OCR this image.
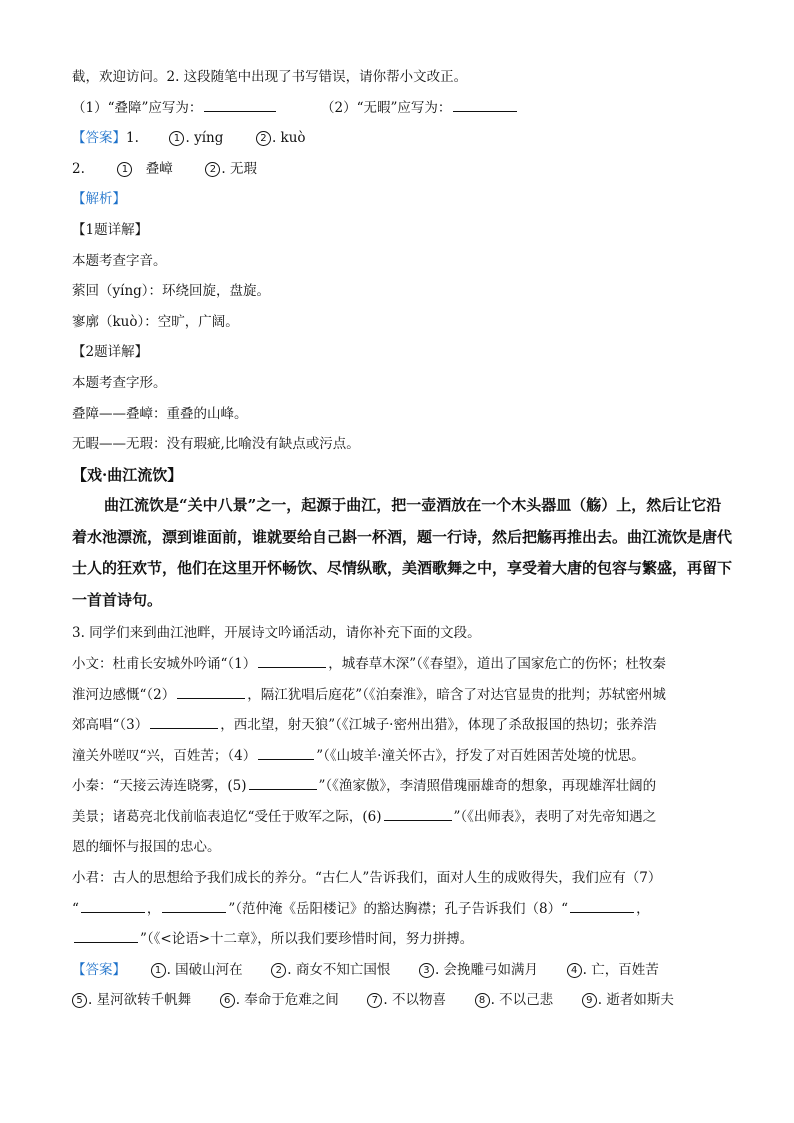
截，欢迎访问。2. 这段随笔中出现了书写错误，请你帮小文改正。
（1）“叠障”应写为：	（2）“无暇”应写为：
【答案】1.	1 . yíng	2 . kuò
2.	1 叠嶂	2 . 无瑕
【解析】
【1题详解】
本题考查字音。
萦回（yíng）：环绕回旋，盘旋。
寥廓（kuò）：空旷，广阔。
【2题详解】
本题考查字形。
叠障——叠嶂：重叠的山峰。
无暇——无瑕：没有瑕疵,比喻没有缺点或污点。
【戏·曲江流饮】
曲江流饮是“关中八景”之一，起源于曲江，把一壶酒放在一个木头器皿（觞）上，然后让它沿着水池漂流，漂到谁面前，谁就要给自己斟一杯酒，题一行诗，然后把觞再推出去。曲江流饮是唐代士人的狂欢节，他们在这里开怀畅饮、尽情纵歌，美酒歌舞之中，享受着大唐的包容与繁盛，再留下一首首诗句。
3. 同学们来到曲江池畔，开展诗文吟诵活动，请你补充下面的文段。
小文：杜甫长安城外吟诵“（1）	，城春草木深”（《春望》，道出了国家危亡的伤怀；杜牧秦
淮河边感慨“（2）	，隔江犹唱后庭花”（《泊秦淮》，暗含了对达官显贵的批判；苏轼密州城
郊高唱“（3）	，西北望，射天狼”（《江城子·密州出猎》，体现了杀敌报国的热切；张养浩
潼关外嗟叹“兴，百姓苦；（4）	”（《山坡羊·潼关怀古》，抒发了对百姓困苦处境的忧思。
小秦：“天接云涛连晓雾，(5)	”（《渔家傲》，李清照借瑰丽雄奇的想象，再现雄浑壮阔的
美景；诸葛亮北伐前临表追忆“受任于败军之际，(6)	”（《出师表》，表明了对先帝知遇之
恩的缅怀与报国的忠心。
小君：古人的思想给予我们成长的养分。“古仁人”告诉我们，面对人生的成败得失，我们应有（7）
“	，	”（范仲淹《岳阳楼记》的豁达胸襟；孔子告诉我们（8）“	，
”（《<论语>十二章》，所以我们要珍惜时间，努力拼搏。
【答案】	1 . 国破山河在	2 . 商女不知亡国恨	3 . 会挽雕弓如满月	4 . 亡，百姓苦
5 . 星河欲转千帆舞	6 . 奉命于危难之间	7 . 不以物喜	8 . 不以己悲	9 . 逝者如斯夫
